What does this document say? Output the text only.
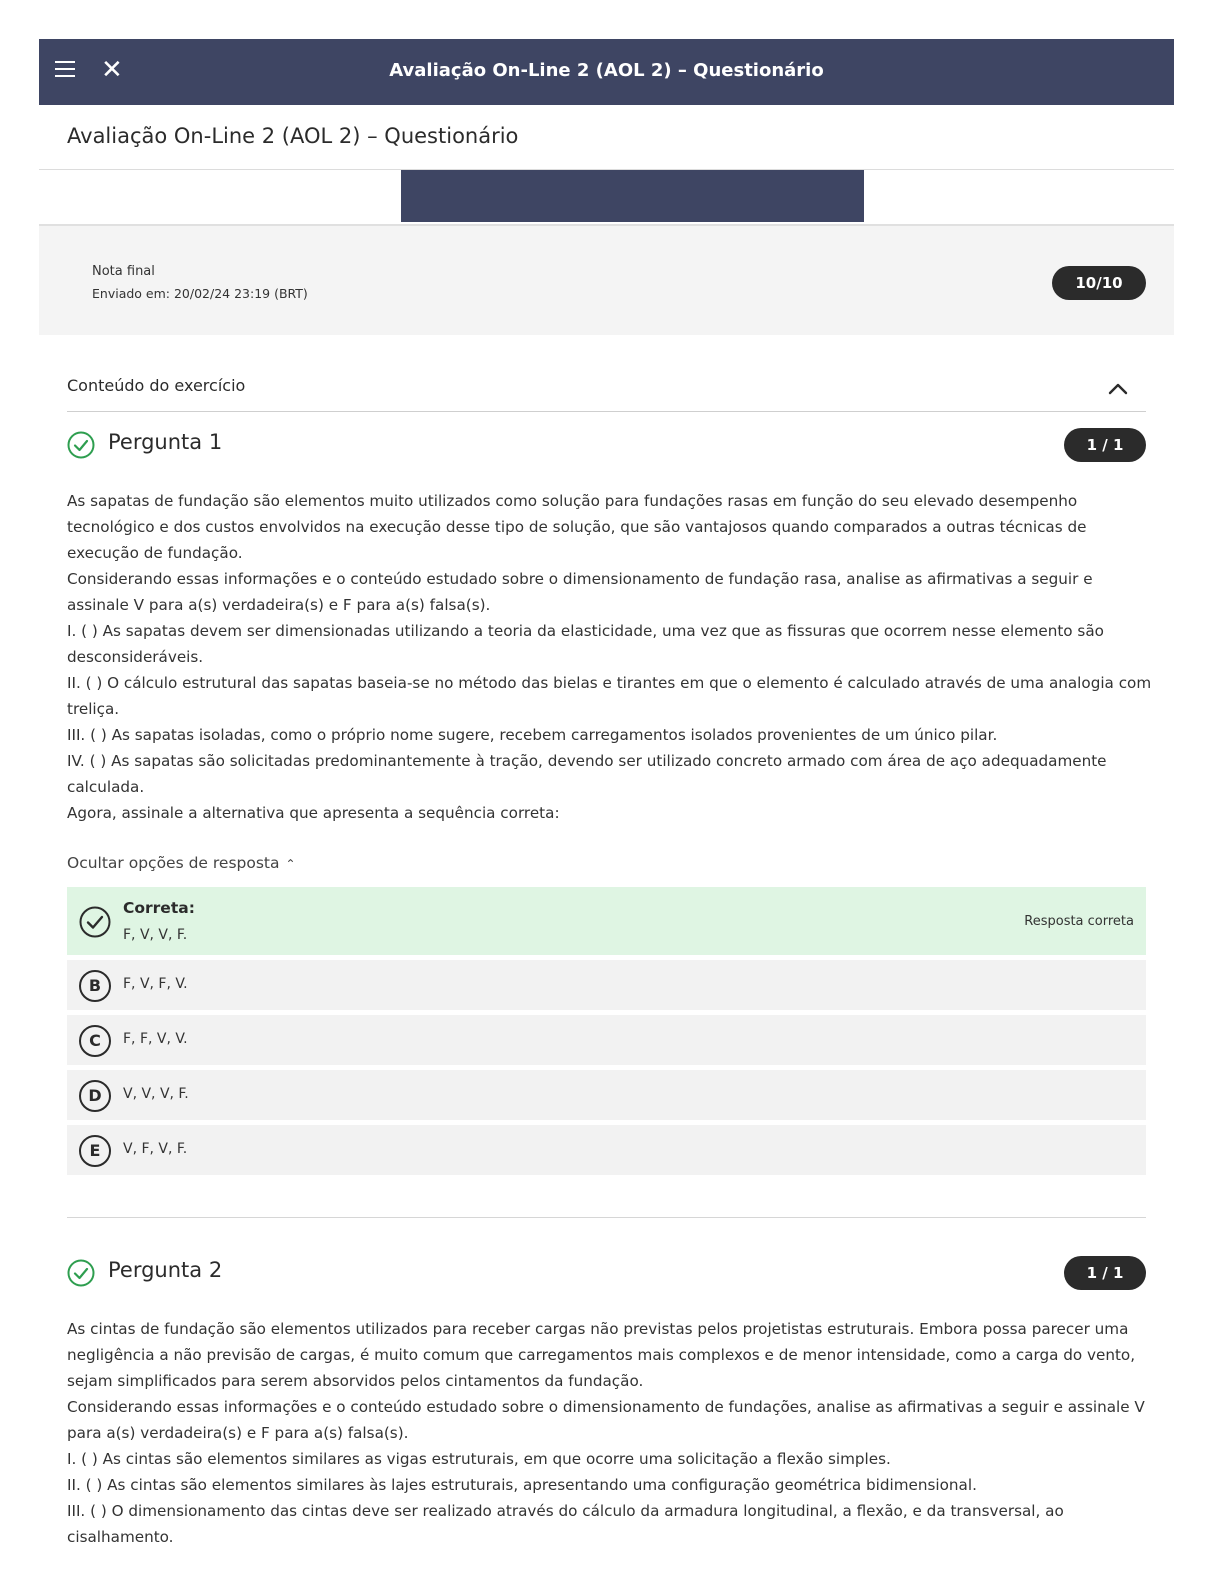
✕	Avaliação On-Line 2 (AOL 2) – Questionário
Avaliação On-Line 2 (AOL 2) – Questionário
Nota final
Enviado em: 20/02/24 23:19 (BRT)
10/10
Conteúdo do exercício
Pergunta 1	1 / 1

As sapatas de fundação são elementos muito utilizados como solução para fundações rasas em função do seu elevado desempenho tecnológico e dos custos envolvidos na execução desse tipo de solução, que são vantajosos quando comparados a outras técnicas de execução de fundação.

Considerando essas informações e o conteúdo estudado sobre o dimensionamento de fundação rasa, analise as afirmativas a seguir e assinale V para a(s) verdadeira(s) e F para a(s) falsa(s).

I. ( ) As sapatas devem ser dimensionadas utilizando a teoria da elasticidade, uma vez que as fissuras que ocorrem nesse elemento são desconsideráveis.

II. ( ) O cálculo estrutural das sapatas baseia-se no método das bielas e tirantes em que o elemento é calculado através de uma analogia com treliça.

III. ( ) As sapatas isoladas, como o próprio nome sugere, recebem carregamentos isolados provenientes de um único pilar.

IV. ( ) As sapatas são solicitadas predominantemente à tração, devendo ser utilizado concreto armado com área de aço adequadamente calculada.

Agora, assinale a alternativa que apresenta a sequência correta:

Ocultar opções de resposta ⌃
Correta:
F, V, V, F.
Resposta correta
B	F, V, F, V.
C	F, F, V, V.
D	V, V, V, F.
E	V, F, V, F.
Pergunta 2	1 / 1

As cintas de fundação são elementos utilizados para receber cargas não previstas pelos projetistas estruturais. Embora possa parecer uma negligência a não previsão de cargas, é muito comum que carregamentos mais complexos e de menor intensidade, como a carga do vento, sejam simplificados para serem absorvidos pelos cintamentos da fundação.

Considerando essas informações e o conteúdo estudado sobre o dimensionamento de fundações, analise as afirmativas a seguir e assinale V para a(s) verdadeira(s) e F para a(s) falsa(s).

I. ( ) As cintas são elementos similares as vigas estruturais, em que ocorre uma solicitação a flexão simples.

II. ( ) As cintas são elementos similares às lajes estruturais, apresentando uma configuração geométrica bidimensional.

III. ( ) O dimensionamento das cintas deve ser realizado através do cálculo da armadura longitudinal, a flexão, e da transversal, ao cisalhamento.
